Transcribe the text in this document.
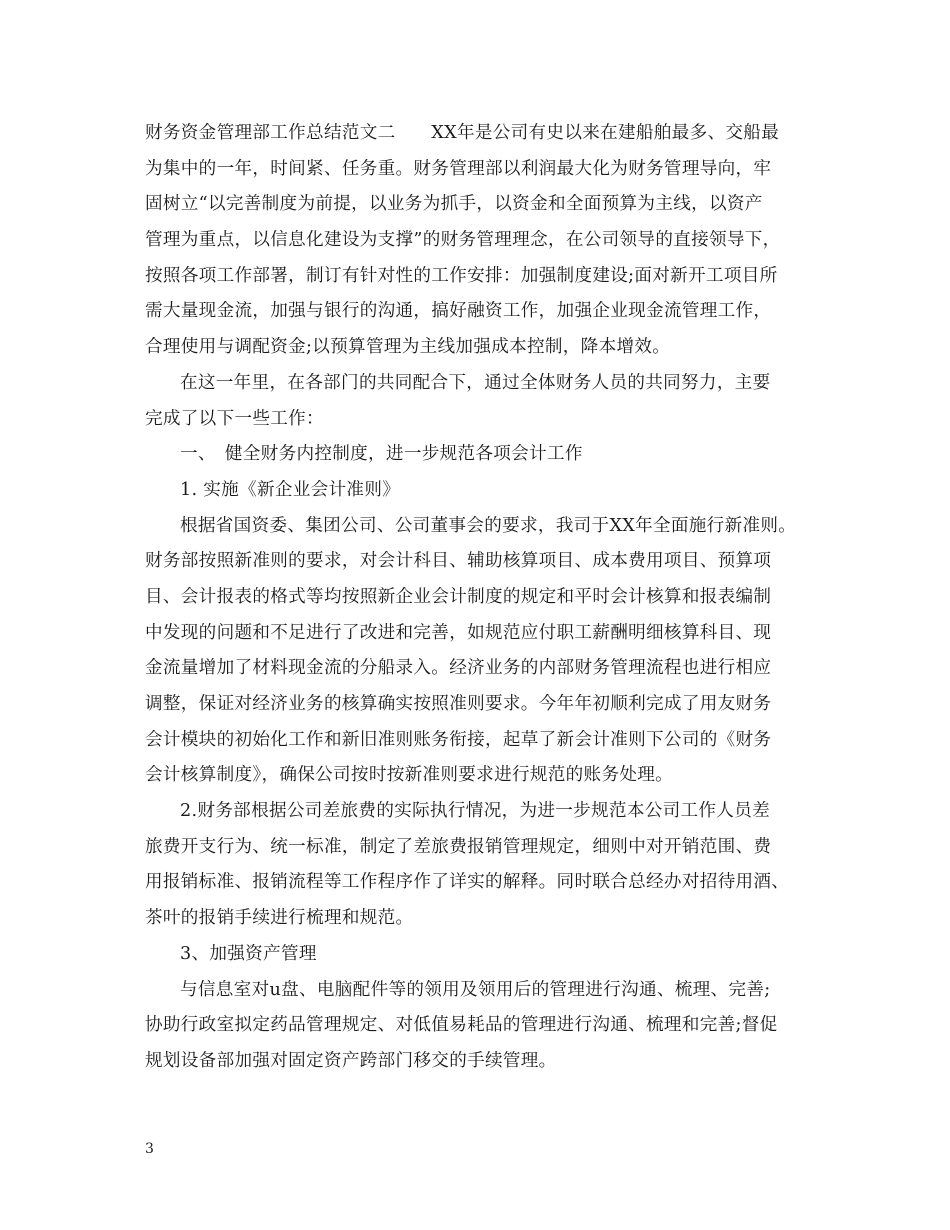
财务资金管理部工作总结范文二　　XX年是公司有史以来在建船舶最多、交船最
为集中的一年，时间紧、任务重。财务管理部以利润最大化为财务管理导向，牢
固树立“以完善制度为前提，以业务为抓手，以资金和全面预算为主线，以资产
管理为重点，以信息化建设为支撑”的财务管理理念，在公司领导的直接领导下，
按照各项工作部署，制订有针对性的工作安排：加强制度建设;面对新开工项目所
需大量现金流，加强与银行的沟通，搞好融资工作，加强企业现金流管理工作，
合理使用与调配资金;以预算管理为主线加强成本控制，降本增效。
在这一年里，在各部门的共同配合下，通过全体财务人员的共同努力，主要
完成了以下一些工作：
一、　健全财务内控制度，进一步规范各项会计工作
1. 实施《新企业会计准则》
根据省国资委、集团公司、公司董事会的要求，我司于XX年全面施行新准则。
财务部按照新准则的要求，对会计科目、辅助核算项目、成本费用项目、预算项
目、会计报表的格式等均按照新企业会计制度的规定和平时会计核算和报表编制
中发现的问题和不足进行了改进和完善，如规范应付职工薪酬明细核算科目、现
金流量增加了材料现金流的分船录入。经济业务的内部财务管理流程也进行相应
调整，保证对经济业务的核算确实按照准则要求。今年年初顺利完成了用友财务
会计模块的初始化工作和新旧准则账务衔接，起草了新会计准则下公司的《财务
会计核算制度》，确保公司按时按新准则要求进行规范的账务处理。
2.财务部根据公司差旅费的实际执行情况，为进一步规范本公司工作人员差
旅费开支行为、统一标准，制定了差旅费报销管理规定，细则中对开销范围、费
用报销标准、报销流程等工作程序作了详实的解释。同时联合总经办对招待用酒、
茶叶的报销手续进行梳理和规范。
3、加强资产管理
与信息室对u盘、电脑配件等的领用及领用后的管理进行沟通、梳理、完善;
协助行政室拟定药品管理规定、对低值易耗品的管理进行沟通、梳理和完善;督促
规划设备部加强对固定资产跨部门移交的手续管理。
3
